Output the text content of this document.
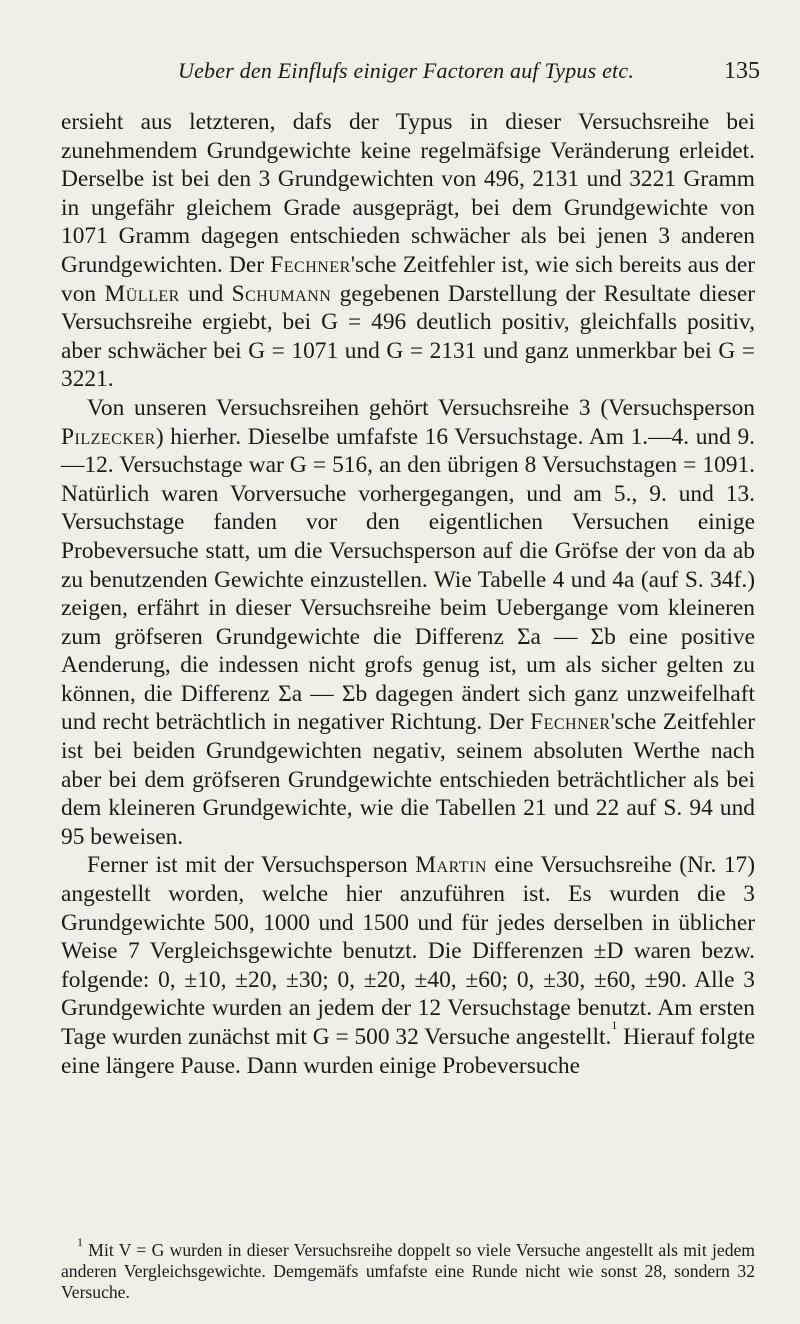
Ueber den Einflufs einiger Factoren auf Typus etc.	135

ersieht aus letzteren, dafs der Typus in dieser Versuchsreihe bei zunehmendem Grundgewichte keine regelmäfsige Veränderung erleidet. Derselbe ist bei den 3 Grundgewichten von 496, 2131 und 3221 Gramm in ungefähr gleichem Grade ausgeprägt, bei dem Grundgewichte von 1071 Gramm dagegen entschieden schwächer als bei jenen 3 anderen Grundgewichten. Der Fechner'sche Zeitfehler ist, wie sich bereits aus der von Müller und Schumann gegebenen Darstellung der Resultate dieser Versuchsreihe ergiebt, bei G = 496 deutlich positiv, gleichfalls positiv, aber schwächer bei G = 1071 und G = 2131 und ganz unmerkbar bei G = 3221.

Von unseren Versuchsreihen gehört Versuchsreihe 3 (Versuchsperson Pilzecker) hierher. Dieselbe umfafste 16 Versuchstage. Am 1.—4. und 9.—12. Versuchstage war G = 516, an den übrigen 8 Versuchstagen = 1091. Natürlich waren Vorversuche vorhergegangen, und am 5., 9. und 13. Versuchstage fanden vor den eigentlichen Versuchen einige Probeversuche statt, um die Versuchsperson auf die Gröfse der von da ab zu benutzenden Gewichte einzustellen. Wie Tabelle 4 und 4a (auf S. 34f.) zeigen, erfährt in dieser Versuchsreihe beim Uebergange vom kleineren zum gröfseren Grundgewichte die Differenz Σa — Σb eine positive Aenderung, die indessen nicht grofs genug ist, um als sicher gelten zu können, die Differenz Σa — Σb dagegen ändert sich ganz unzweifelhaft und recht beträchtlich in negativer Richtung. Der Fechner'sche Zeitfehler ist bei beiden Grundgewichten negativ, seinem absoluten Werthe nach aber bei dem gröfseren Grundgewichte entschieden beträchtlicher als bei dem kleineren Grundgewichte, wie die Tabellen 21 und 22 auf S. 94 und 95 beweisen.

Ferner ist mit der Versuchsperson Martin eine Versuchsreihe (Nr. 17) angestellt worden, welche hier anzuführen ist. Es wurden die 3 Grundgewichte 500, 1000 und 1500 und für jedes derselben in üblicher Weise 7 Vergleichsgewichte benutzt. Die Differenzen ±D waren bezw. folgende: 0, ±10, ±20, ±30; 0, ±20, ±40, ±60; 0, ±30, ±60, ±90. Alle 3 Grundgewichte wurden an jedem der 12 Versuchstage benutzt. Am ersten Tage wurden zunächst mit G = 500 32 Versuche angestellt.$^1$ Hierauf folgte eine längere Pause. Dann wurden einige Probeversuche

$^1$ Mit V = G wurden in dieser Versuchsreihe doppelt so viele Versuche angestellt als mit jedem anderen Vergleichsgewichte. Demgemäfs umfafste eine Runde nicht wie sonst 28, sondern 32 Versuche.
